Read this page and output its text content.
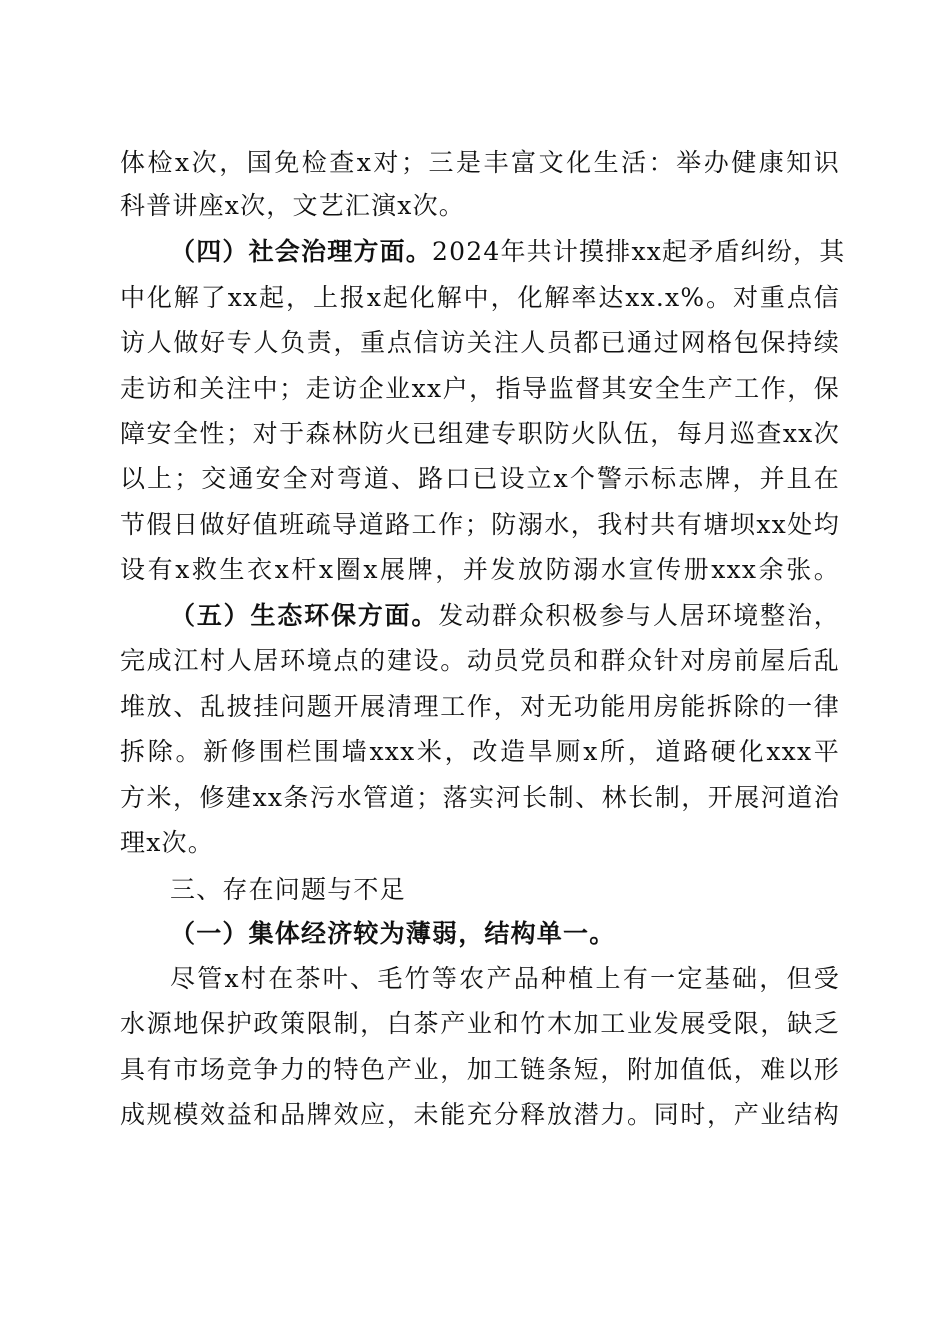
体检x次，国免检查x对；三是丰富文化生活：举办健康知识
科普讲座x次，文艺汇演x次。
（四）社会治理方面。2024年共计摸排xx起矛盾纠纷，其
中化解了xx起，上报x起化解中，化解率达xx.x%。对重点信
访人做好专人负责，重点信访关注人员都已通过网格包保持续
走访和关注中；走访企业xx户，指导监督其安全生产工作，保
障安全性；对于森林防火已组建专职防火队伍，每月巡查xx次
以上；交通安全对弯道、路口已设立x个警示标志牌，并且在
节假日做好值班疏导道路工作；防溺水，我村共有塘坝xx处均
设有x救生衣x杆x圈x展牌，并发放防溺水宣传册xxx余张。
（五）生态环保方面。发动群众积极参与人居环境整治，
完成江村人居环境点的建设。动员党员和群众针对房前屋后乱
堆放、乱披挂问题开展清理工作，对无功能用房能拆除的一律
拆除。新修围栏围墙xxx米，改造旱厕x所，道路硬化xxx平
方米，修建xx条污水管道；落实河长制、林长制，开展河道治
理x次。
三、存在问题与不足
（一）集体经济较为薄弱，结构单一。
尽管x村在茶叶、毛竹等农产品种植上有一定基础，但受
水源地保护政策限制，白茶产业和竹木加工业发展受限，缺乏
具有市场竞争力的特色产业，加工链条短，附加值低，难以形
成规模效益和品牌效应，未能充分释放潜力。同时，产业结构
